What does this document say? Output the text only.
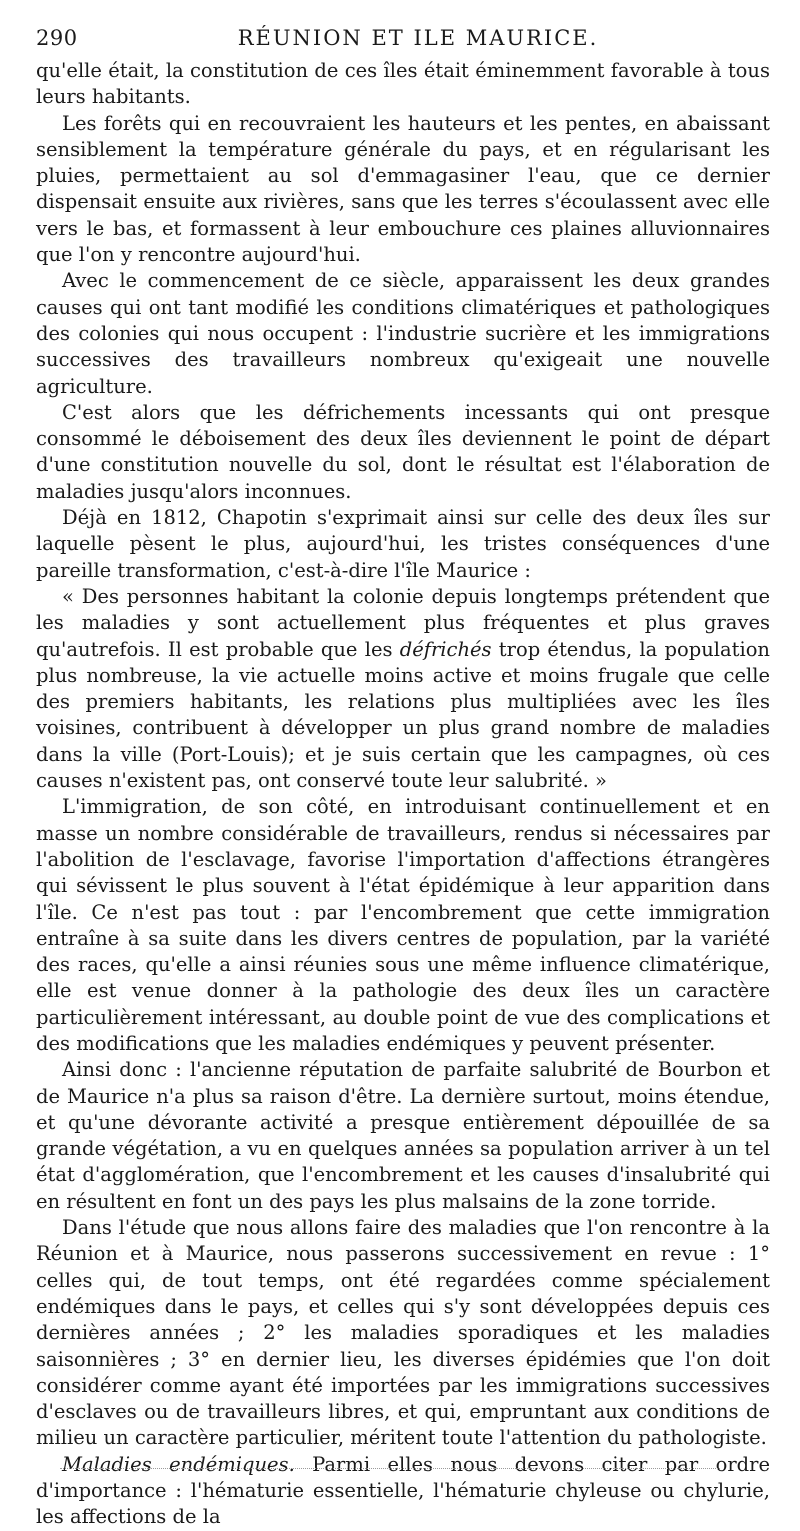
290	RÉUNION ET ILE MAURICE.

qu'elle était, la constitution de ces îles était éminemment favorable à tous leurs habitants.

Les forêts qui en recouvraient les hauteurs et les pentes, en abaissant sensiblement la température générale du pays, et en régularisant les pluies, permettaient au sol d'emmagasiner l'eau, que ce dernier dispensait ensuite aux rivières, sans que les terres s'écoulassent avec elle vers le bas, et formassent à leur embouchure ces plaines alluvionnaires que l'on y rencontre aujourd'hui.

Avec le commencement de ce siècle, apparaissent les deux grandes causes qui ont tant modifié les conditions climatériques et pathologiques des colonies qui nous occupent : l'industrie sucrière et les immigrations successives des travailleurs nombreux qu'exigeait une nouvelle agriculture.

C'est alors que les défrichements incessants qui ont presque consommé le déboisement des deux îles deviennent le point de départ d'une constitution nouvelle du sol, dont le résultat est l'élaboration de maladies jusqu'alors inconnues.

Déjà en 1812, Chapotin s'exprimait ainsi sur celle des deux îles sur laquelle pèsent le plus, aujourd'hui, les tristes conséquences d'une pareille transformation, c'est-à-dire l'île Maurice :

« Des personnes habitant la colonie depuis longtemps prétendent que les maladies y sont actuellement plus fréquentes et plus graves qu'autrefois. Il est probable que les défrichés trop étendus, la population plus nombreuse, la vie actuelle moins active et moins frugale que celle des premiers habitants, les relations plus multipliées avec les îles voisines, contribuent à développer un plus grand nombre de maladies dans la ville (Port-Louis); et je suis certain que les campagnes, où ces causes n'existent pas, ont conservé toute leur salubrité. »

L'immigration, de son côté, en introduisant continuellement et en masse un nombre considérable de travailleurs, rendus si nécessaires par l'abolition de l'esclavage, favorise l'importation d'affections étrangères qui sévissent le plus souvent à l'état épidémique à leur apparition dans l'île. Ce n'est pas tout : par l'encombrement que cette immigration entraîne à sa suite dans les divers centres de population, par la variété des races, qu'elle a ainsi réunies sous une même influence climatérique, elle est venue donner à la pathologie des deux îles un caractère particulièrement intéressant, au double point de vue des complications et des modifications que les maladies endémiques y peuvent présenter.

Ainsi donc : l'ancienne réputation de parfaite salubrité de Bourbon et de Maurice n'a plus sa raison d'être. La dernière surtout, moins étendue, et qu'une dévorante activité a presque entièrement dépouillée de sa grande végétation, a vu en quelques années sa population arriver à un tel état d'agglomération, que l'encombrement et les causes d'insalubrité qui en résultent en font un des pays les plus malsains de la zone torride.

Dans l'étude que nous allons faire des maladies que l'on rencontre à la Réunion et à Maurice, nous passerons successivement en revue : 1° celles qui, de tout temps, ont été regardées comme spécialement endémiques dans le pays, et celles qui s'y sont développées depuis ces dernières années ; 2° les maladies sporadiques et les maladies saisonnières ; 3° en dernier lieu, les diverses épidémies que l'on doit considérer comme ayant été importées par les immigrations successives d'esclaves ou de travailleurs libres, et qui, empruntant aux conditions de milieu un caractère particulier, méritent toute l'attention du pathologiste.

Maladies endémiques. Parmi elles nous devons citer par ordre d'importance : l'hématurie essentielle, l'hématurie chyleuse ou chylurie, les affections de la
